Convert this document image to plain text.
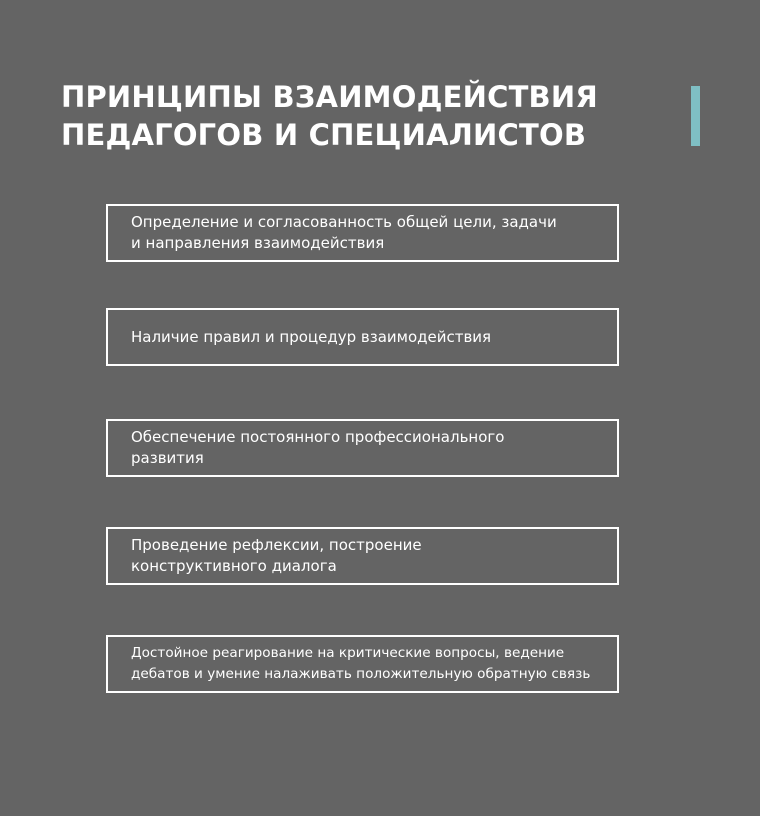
ПРИНЦИПЫ ВЗАИМОДЕЙСТВИЯ
ПЕДАГОГОВ И СПЕЦИАЛИСТОВ
Определение и согласованность общей цели, задачи
и направления взаимодействия
Наличие правил и процедур взаимодействия
Обеспечение постоянного профессионального
развития
Проведение рефлексии, построение
конструктивного диалога
Достойное реагирование на критические вопросы, ведение
дебатов и умение налаживать положительную обратную связь
